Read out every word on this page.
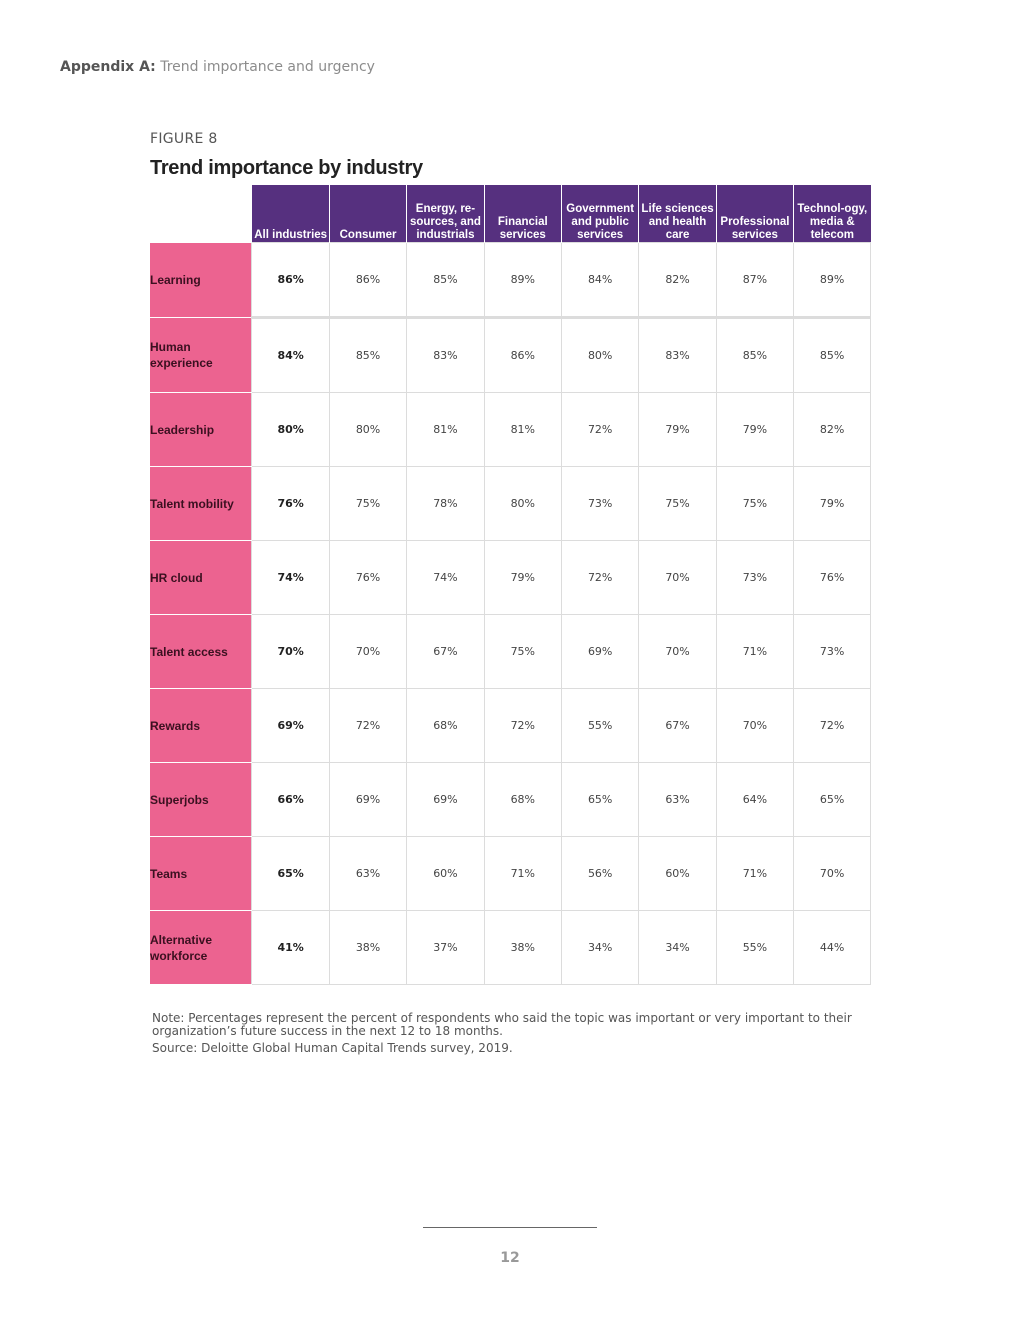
Appendix A: Trend importance and urgency
FIGURE 8
Trend importance by industry
	All industries	Consumer	Energy, re-sources, and industrials	Financial services	Government and public services	Life sciences and health care	Professional services	Technol-ogy, media & telecom
Learning	86%	86%	85%	89%	84%	82%	87%	89%
Human experience	84%	85%	83%	86%	80%	83%	85%	85%
Leadership	80%	80%	81%	81%	72%	79%	79%	82%
Talent mobility	76%	75%	78%	80%	73%	75%	75%	79%
HR cloud	74%	76%	74%	79%	72%	70%	73%	76%
Talent access	70%	70%	67%	75%	69%	70%	71%	73%
Rewards	69%	72%	68%	72%	55%	67%	70%	72%
Superjobs	66%	69%	69%	68%	65%	63%	64%	65%
Teams	65%	63%	60%	71%	56%	60%	71%	70%
Alternative workforce	41%	38%	37%	38%	34%	34%	55%	44%
Note: Percentages represent the percent of respondents who said the topic was important or very important to their organization’s future success in the next 12 to 18 months.
Source: Deloitte Global Human Capital Trends survey, 2019.
12
